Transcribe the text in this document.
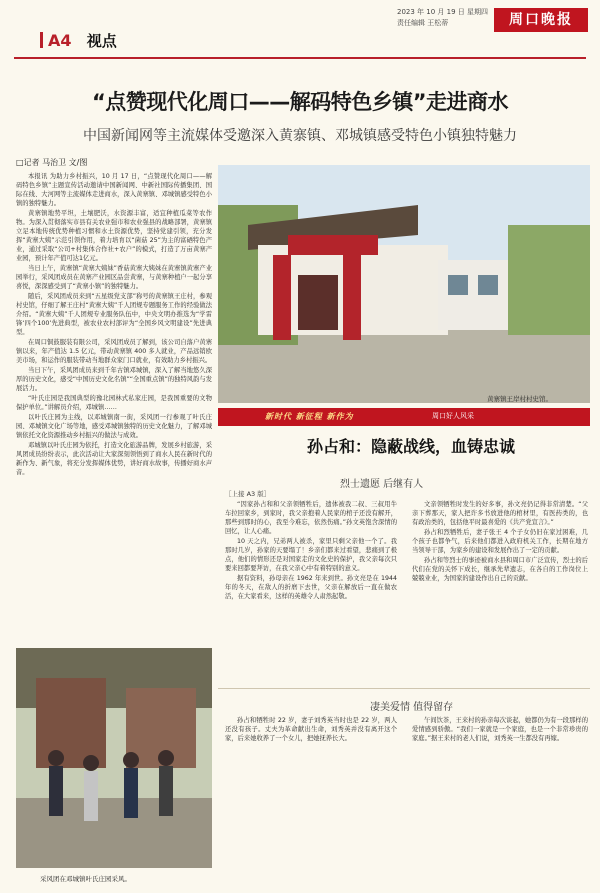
A4 视点
2023 年 10 月 19 日 星期四
责任编辑 王松蒂	周口晚报
“点赞现代化周口——解码特色乡镇”走进商水
中国新闻网等主流媒体受邀深入黄寨镇、邓城镇感受特色小镇独特魅力
□记者 马治卫 文/图

本报讯 为助力乡村振兴，10 月 17 日，“点赞现代化周口——解码特色乡镇”主题宣传活动邀请中国新闻网、中新社国际传播集团、国际在线、大河网等主流媒体走进商水，深入黄寨镇、邓城镇感受特色小镇的独特魅力。

黄寨镇地势平坦，土壤肥沃，水资源丰富，适宜种植瓜菜等农作物。为深入贯彻落实市县有关农业强市和农业强县的战略部署，黄寨镇立足本地传统优势种植习惯和水土资源优势，坚持党建引领，充分发挥“黄寨大姨”示范引领作用，着力培育以“菌菇 25”为主的富硒特色产业，通过采取“公司+村集体合作社+农户”的模式，打造了万亩黄寨产业园，预计年产值可达1亿元。

当日上午，黄寨镇“黄寨大姨妹”香菇黄寨大姨妹在黄寨镇黄寨产业园举行，采风团成员在黄寨产业园区品尝黄寨，与黄寨种植户一起分享喜悦，深深感受到了“黄寨小镇”的独特魅力。

随后，采风团成员来到“五星级党支部”称号的黄寨镇王庄村，参观村史馆，仔细了解王庄村“黄寨大姨”千人团规专题服务工作的经验做法介绍。“黄寨大姨”千人团规专业服务队伍中，中央文明办推选为“学雷锋‘四个100’先进典型，被农业农村部评为“全国乡风文明建设”先进典型。

在周口铜鼓服装有限公司，采风团成员了解到，该公司自落户黄寨镇以来，年产值达 1.5 亿元，带动黄寨镇 400 多人就业，产品远销欧美市场，和运作的服装带动当地群众家门口就业，有效助力乡村振兴。

当日下午，采风团成员来到千年古镇邓城镇，深入了解当地悠久深厚的历史文化，感受“中国历史文化名镇”“全国重点镇”的独特风韵与发展活力。

“叶氏庄园是我国典型的豫北园林式私家庄园，是我国重要的文物保护单位。”讲解员介绍，邓城镇……

以叶氏庄园为主线，以邓城镇南一街，采风团一行参观了叶氏庄园、邓城镇文化广场等地，感受邓城镇独特的历史文化魅力，了解邓城镇依托文化资源推动乡村振兴的做法与成效。

邓城镇以叶氏庄园为依托，打造文化旅游品牌，发展乡村旅游，采风团成员纷纷表示，此次活动让大家深刻领悟到了商水人民在新时代的新作为、新气象，将充分发挥媒体优势，讲好商水故事，传播好商水声音。

黄寨镇王岸村村史馆。
采风团在邓城镇叶氏庄园采风。
新时代 新征程 新作为	周口好人风采
孙占和：隐蔽战线，血铸忠诚
［上接 A3 版］
烈士遗愿 后继有人

“因家孙占和和父亲领牺牲后，遗体被我二叔、三叔用牛车拉回家乡，到家时，我父亲抱着人民家的棺子还没有解开，那些到那时的心，我至今难忘，依然伤痛。”孙文英饱含深情的回忆，让人心痛。

10 天之内，兄弟两人被杀，家里只剩父亲他一个了。我那时几岁，孙家的天要塌了！乡亲们都来过看望，悲痛到了极点，他们的情形还是对国家走的文化史的保护，我父亲每次只要来回都要拜访，在我父亲心中有着特别的意义。

据有资料，孙母亲在 1962 年来到世。孙文亮是在 1944 年的冬天，在敌人的折磨下去世，父亲在解放后一直在做农活，在大家看来，这样的英雄令人肃然起敬。

文亲领牺牲时发生的好多事，孙文亮仍记得非常清楚。“父亲下葬那天，家人把许多书放进他的棺材里，有医药类的，也有政治类的，包括他平时最喜爱的《共产党宣言》。”

孙占和烈牺牲后，妻子张王 4 个子女仍旧在家过困难，几个孩子也都争气，后来他们都进入政府机关工作，长期在地方当领导干部，为家乡的建设和发展作出了一定的贡献。

孙占和等烈士的事迹被商水县和周口市广泛宣传，烈士的后代们在党的关怀下成长，继承先辈遗志，在各自的工作岗位上兢兢业业，为国家的建设作出自己的贡献。

凄美爱情 值得留存

孙占和牺牲时 22 岁，妻子刘秀英当时也是 22 岁，两人还没有孩子。丈夫为革命献出生命，刘秀英并没有离开这个家，后来她收养了一个女儿，把她抚养长大。

午间饮茶，王来村的孙亲每次谈起，她都仍为有一段那样的爱情感到骄傲。“我们一家就是一个家庭，也是一个非常珍贵的家庭。”据王来村的老人们说，刘秀英一生都没有再嫁。
